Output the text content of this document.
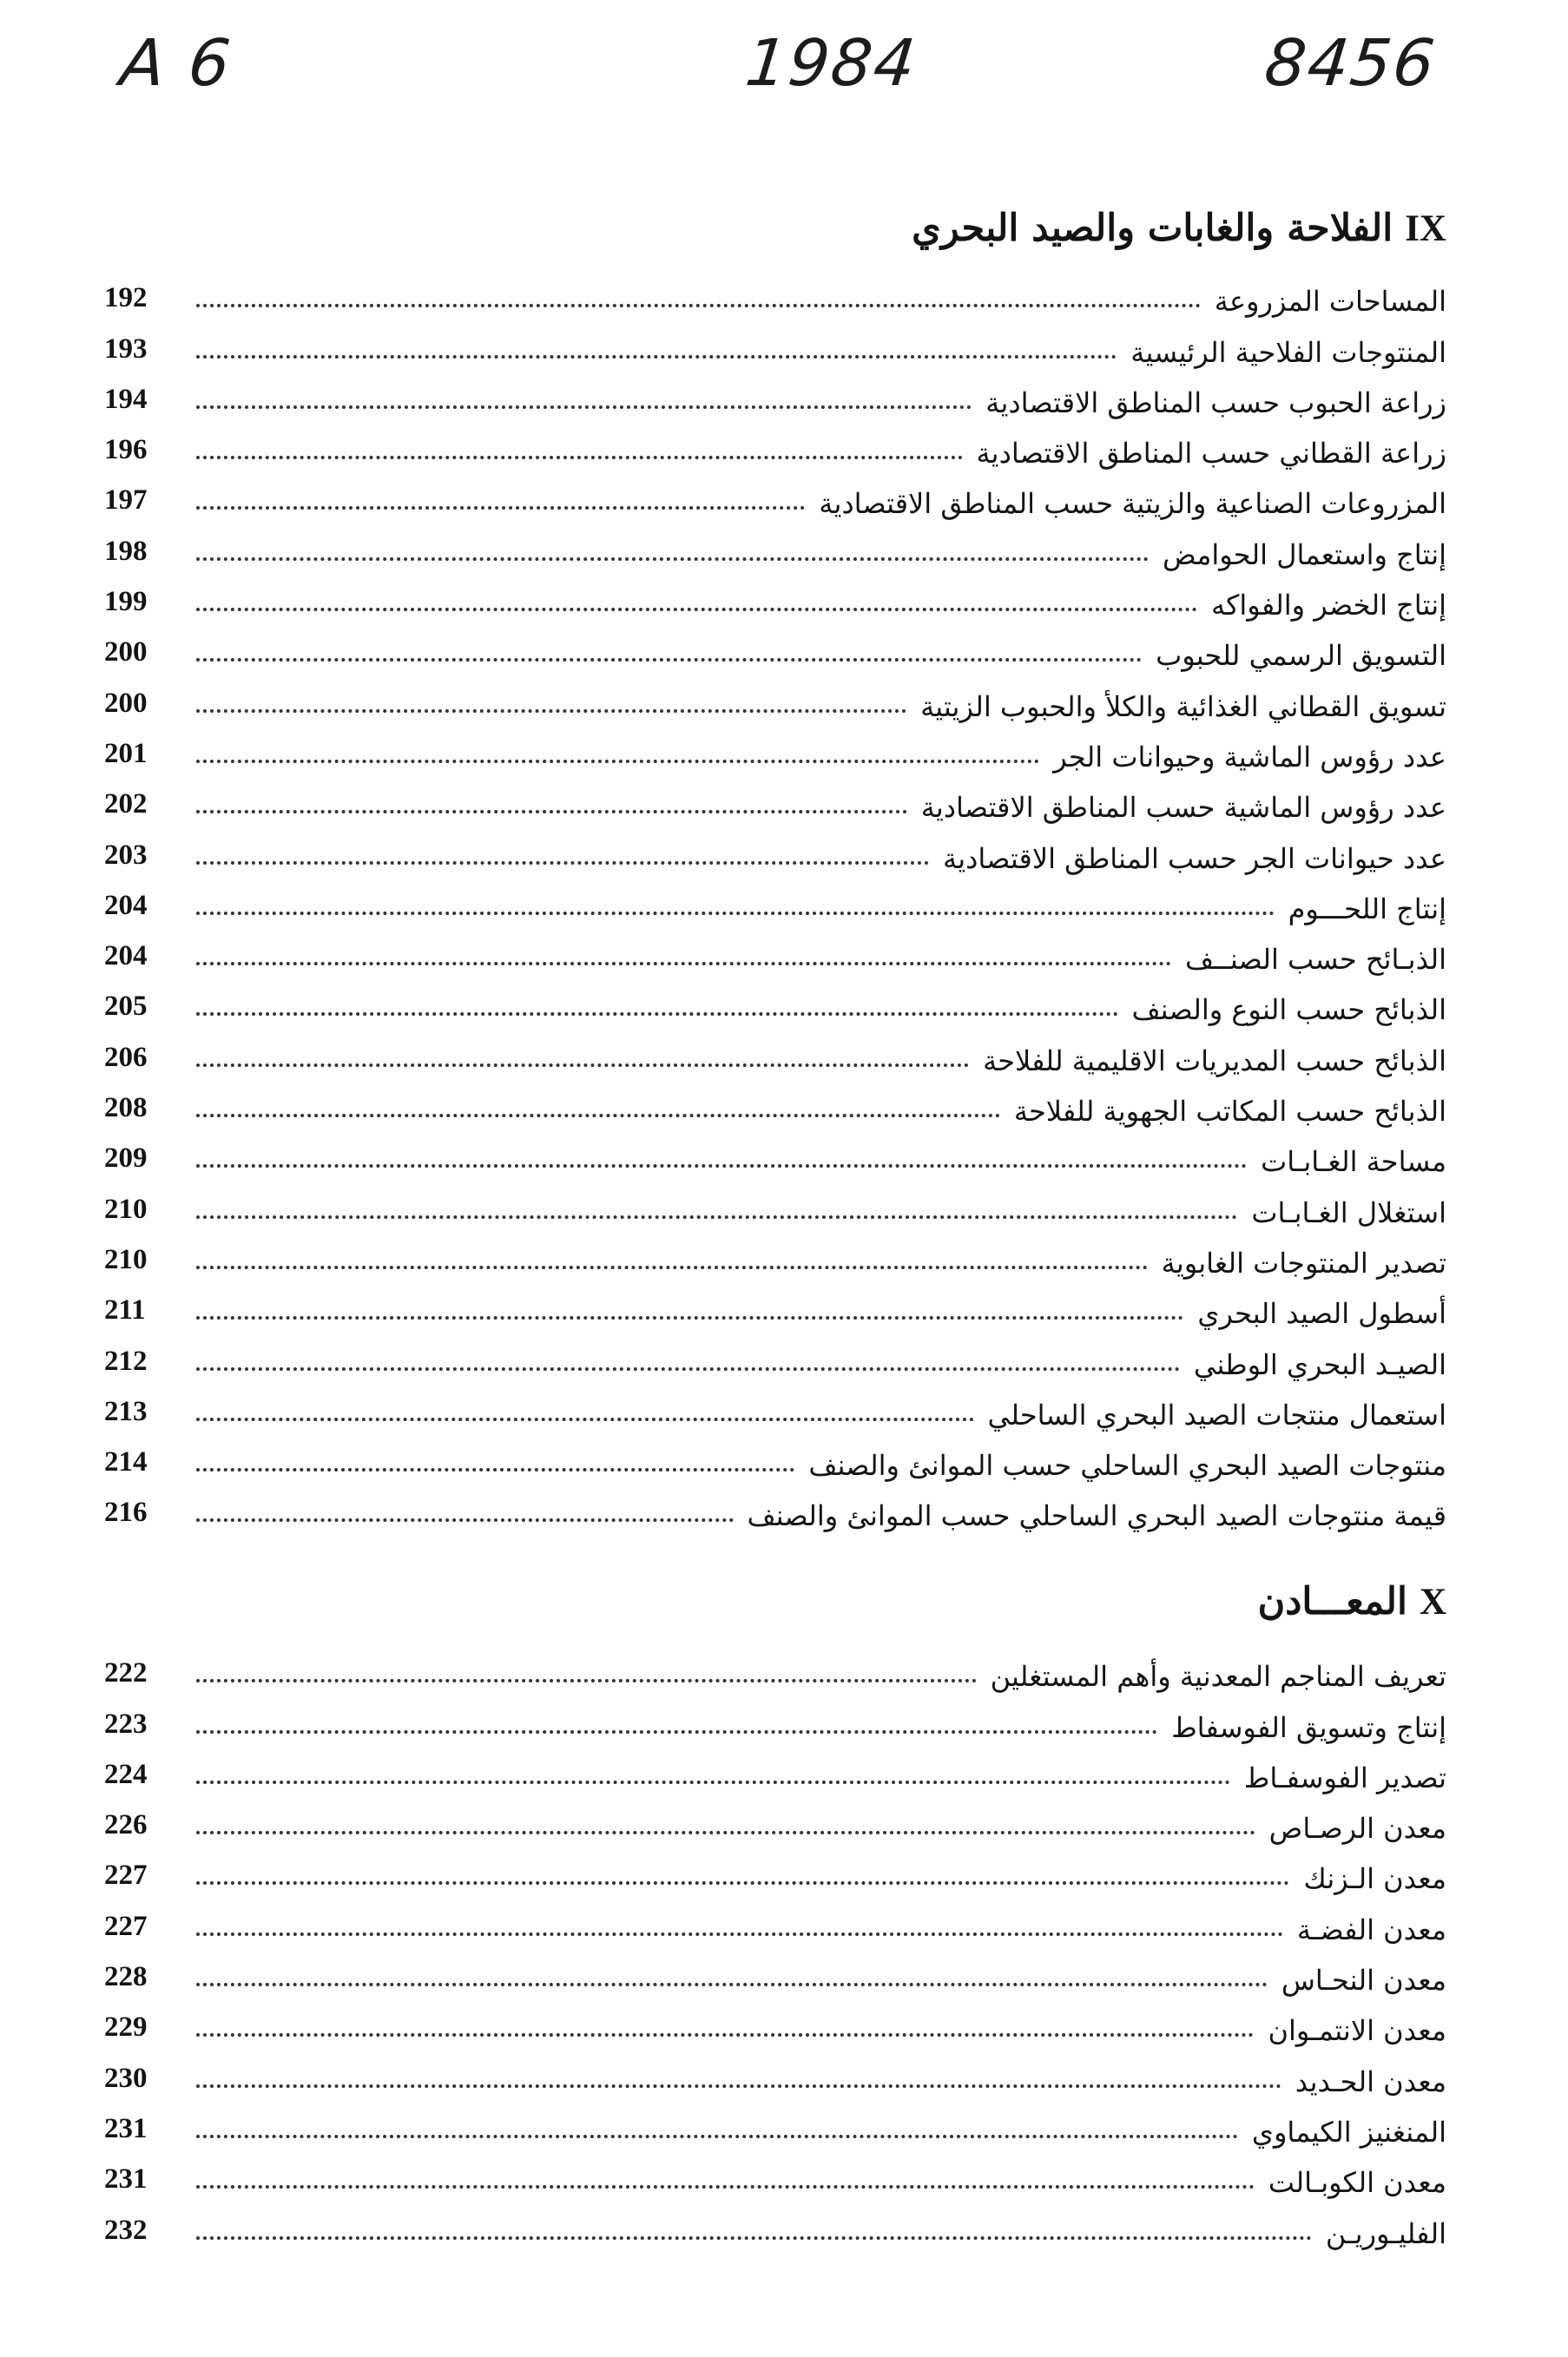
A 6	1984	8456
IXالفلاحة والغابات والصيد البحري
192	المساحات المزروعة
193	المنتوجات الفلاحية الرئيسية
194	زراعة الحبوب حسب المناطق الاقتصادية
196	زراعة القطاني حسب المناطق الاقتصادية
197	المزروعات الصناعية والزيتية حسب المناطق الاقتصادية
198	إنتاج واستعمال الحوامض
199	إنتاج الخضر والفواكه
200	التسويق الرسمي للحبوب
200	تسويق القطاني الغذائية والكلأ والحبوب الزيتية
201	عدد رؤوس الماشية وحيوانات الجر
202	عدد رؤوس الماشية حسب المناطق الاقتصادية
203	عدد حيوانات الجر حسب المناطق الاقتصادية
204	إنتاج اللحـــوم
204	الذبـائح حسب الصنــف
205	الذبائح حسب النوع والصنف
206	الذبائح حسب المديريات الاقليمية للفلاحة
208	الذبائح حسب المكاتب الجهوية للفلاحة
209	مساحة الغـابـات
210	استغلال الغـابـات
210	تصدير المنتوجات الغابوية
211	أسطول الصيد البحري
212	الصيـد البحري الوطني
213	استعمال منتجات الصيد البحري الساحلي
214	منتوجات الصيد البحري الساحلي حسب الموانئ والصنف
216	قيمة منتوجات الصيد البحري الساحلي حسب الموانئ والصنف
Xالمعـــادن
222	تعريف المناجم المعدنية وأهم المستغلين
223	إنتاج وتسويق الفوسفاط
224	تصدير الفوسفـاط
226	معدن الرصـاص
227	معدن الـزنك
227	معدن الفضـة
228	معدن النحـاس
229	معدن الانتمـوان
230	معدن الحـديد
231	المنغنيز الكيماوي
231	معدن الكوبـالت
232	الفليـوريـن
